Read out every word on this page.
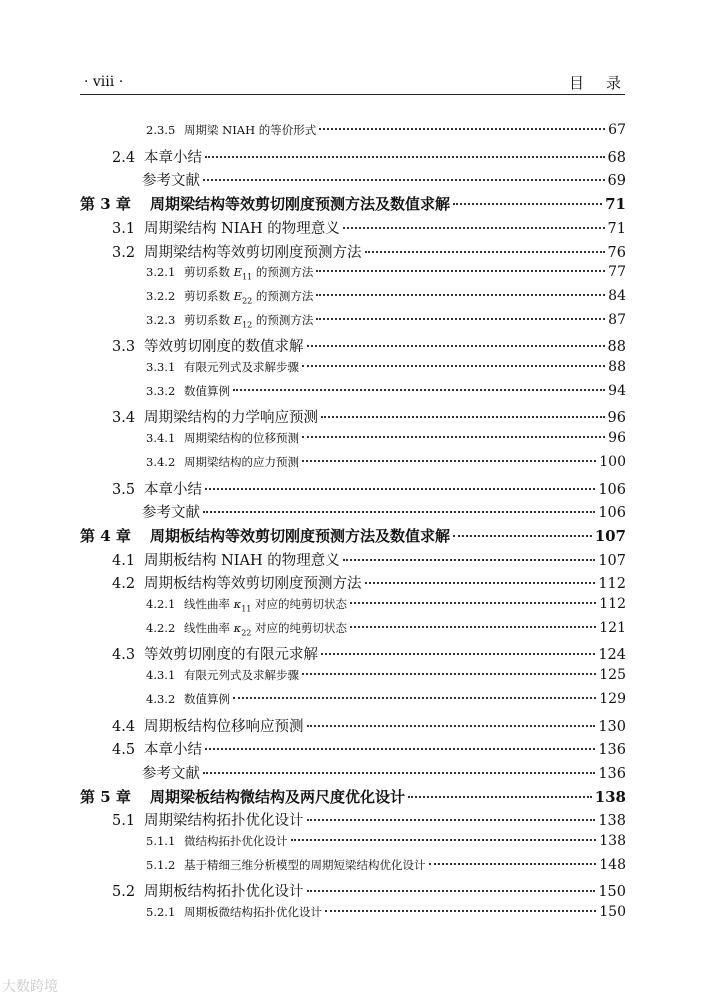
· viii ·	目录
2.3.5 周期梁 NIAH 的等价形式	67
2.4 本章小结	68
参考文献	69
第 3 章	周期梁结构等效剪切刚度预测方法及数值求解	71
3.1 周期梁结构 NIAH 的物理意义	71
3.2 周期梁结构等效剪切刚度预测方法	76
3.2.1 剪切系数 $E_{11}$ 的预测方法	77
3.2.2 剪切系数 $E_{22}$ 的预测方法	84
3.2.3 剪切系数 $E_{12}$ 的预测方法	87
3.3 等效剪切刚度的数值求解	88
3.3.1 有限元列式及求解步骤	88
3.3.2 数值算例	94
3.4 周期梁结构的力学响应预测	96
3.4.1 周期梁结构的位移预测	96
3.4.2 周期梁结构的应力预测	100
3.5 本章小结	106
参考文献	106
第 4 章	周期板结构等效剪切刚度预测方法及数值求解	107
4.1 周期板结构 NIAH 的物理意义	107
4.2 周期板结构等效剪切刚度预测方法	112
4.2.1 线性曲率 $\kappa_{11}$ 对应的纯剪切状态	112
4.2.2 线性曲率 $\kappa_{22}$ 对应的纯剪切状态	121
4.3 等效剪切刚度的有限元求解	124
4.3.1 有限元列式及求解步骤	125
4.3.2 数值算例	129
4.4 周期板结构位移响应预测	130
4.5 本章小结	136
参考文献	136
第 5 章	周期梁板结构微结构及两尺度优化设计	138
5.1 周期梁结构拓扑优化设计	138
5.1.1 微结构拓扑优化设计	138
5.1.2 基于精细三维分析模型的周期短梁结构优化设计	148
5.2 周期板结构拓扑优化设计	150
5.2.1 周期板微结构拓扑优化设计	150
大数跨境
